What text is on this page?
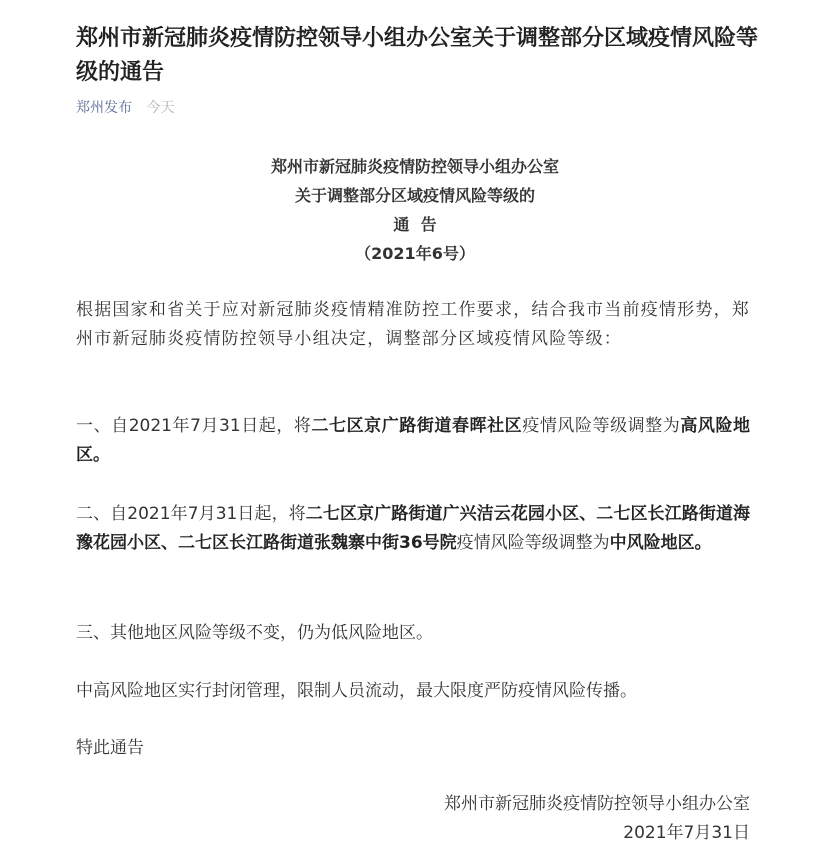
郑州市新冠肺炎疫情防控领导小组办公室关于调整部分区域疫情风险等级的通告
郑州发布 今天
郑州市新冠肺炎疫情防控领导小组办公室
关于调整部分区域疫情风险等级的
通  告
（2021年6号）

根据国家和省关于应对新冠肺炎疫情精准防控工作要求，结合我市当前疫情形势，郑州市新冠肺炎疫情防控领导小组决定，调整部分区域疫情风险等级：

一、自2021年7月31日起，将二七区京广路街道春晖社区疫情风险等级调整为高风险地区。

二、自2021年7月31日起，将二七区京广路街道广兴洁云花园小区、二七区长江路街道海豫花园小区、二七区长江路街道张魏寨中街36号院疫情风险等级调整为中风险地区。

三、其他地区风险等级不变，仍为低风险地区。

中高风险地区实行封闭管理，限制人员流动，最大限度严防疫情风险传播。

特此通告

郑州市新冠肺炎疫情防控领导小组办公室
2021年7月31日
